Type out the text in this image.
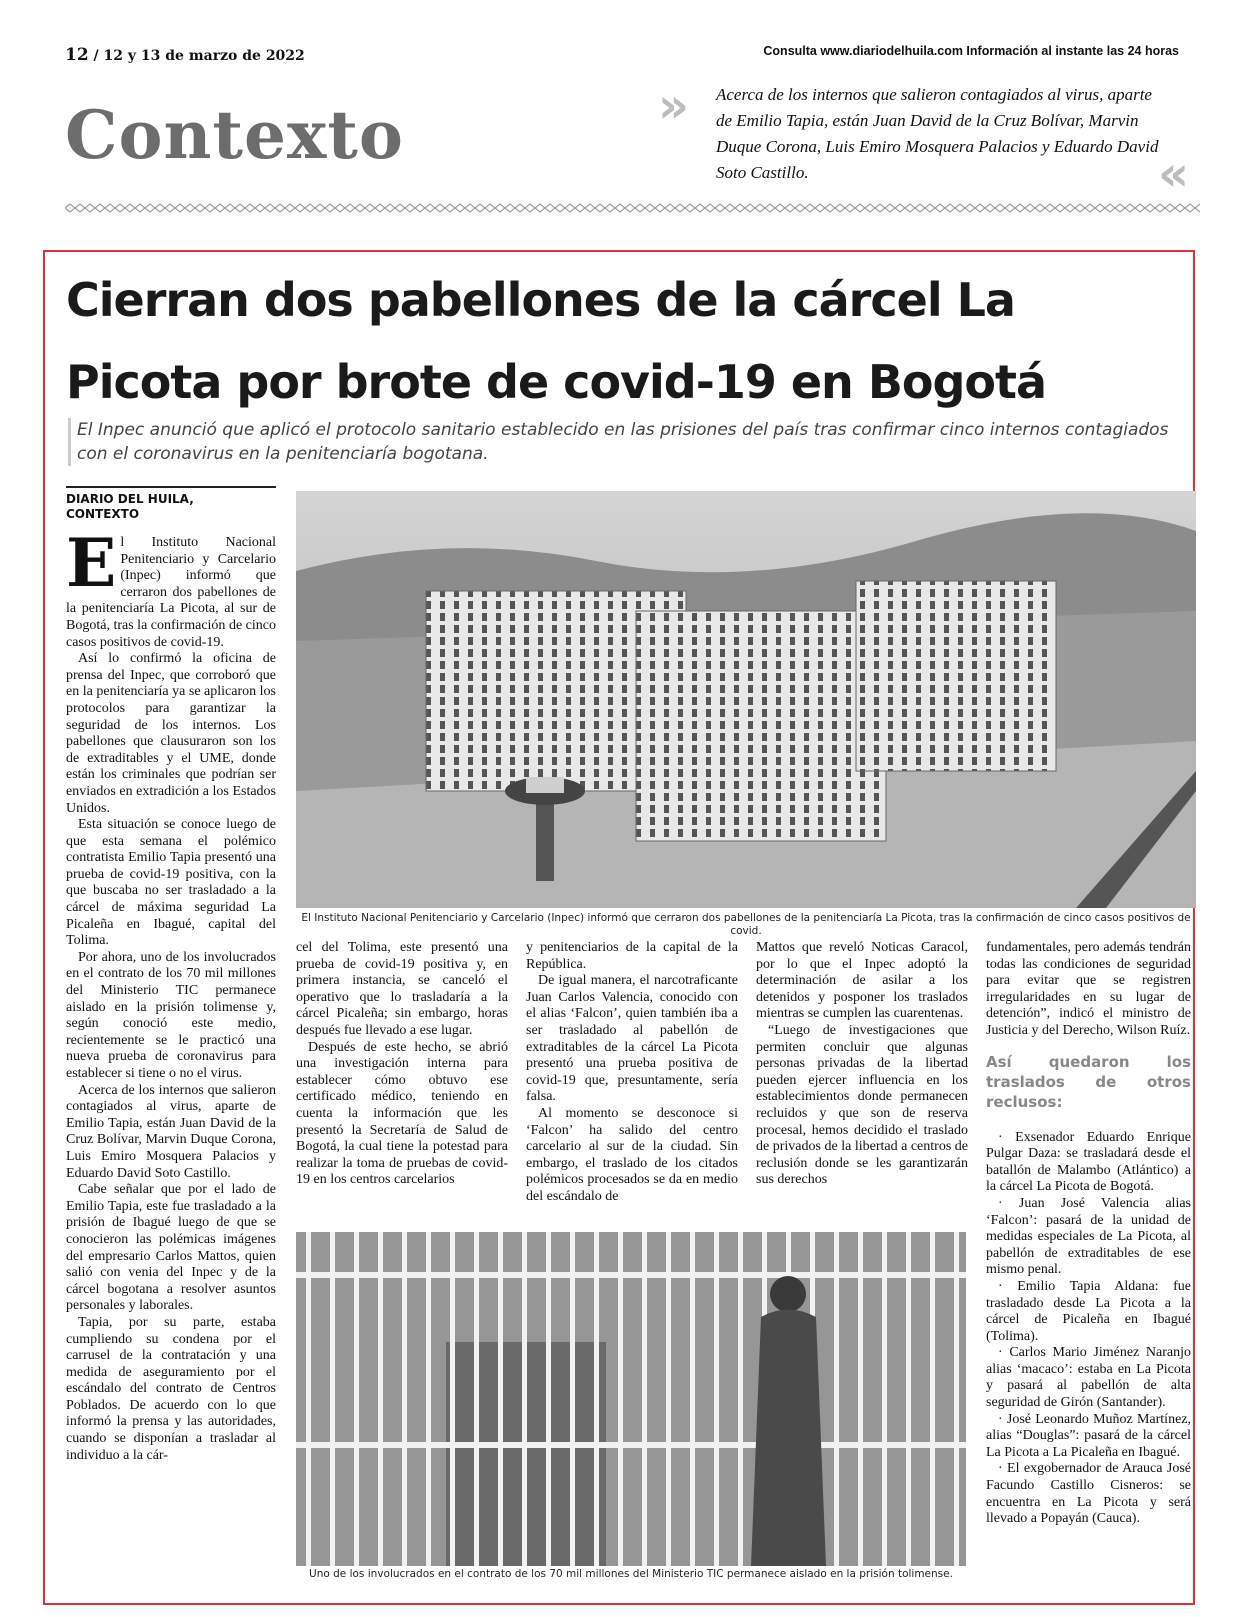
12 / 12 y 13 de marzo de 2022	Consulta www.diariodelhuila.com Información al instante las 24 horas
Contexto	» Acerca de los internos que salieron contagiados al virus, aparte de Emilio Tapia, están Juan David de la Cruz Bolívar, Marvin Duque Corona, Luis Emiro Mosquera Palacios y Eduardo David Soto Castillo.	«
Cierran dos pabellones de la cárcel La
Picota por brote de covid-19 en Bogotá
El Inpec anunció que aplicó el protocolo sanitario establecido en las prisiones del país tras confirmar cinco internos contagiados con el coronavirus en la penitenciaría bogotana.
DIARIO DEL HUILA,
CONTEXTO

El Instituto Nacional Penitenciario y Carcelario (Inpec) informó que cerraron dos pabellones de la penitenciaría La Picota, al sur de Bogotá, tras la confirmación de cinco casos positivos de covid-19.

Así lo confirmó la oficina de prensa del Inpec, que corroboró que en la penitenciaría ya se aplicaron los protocolos para garantizar la seguridad de los internos. Los pabellones que clausuraron son los de extraditables y el UME, donde están los criminales que podrían ser enviados en extradición a los Estados Unidos.

Esta situación se conoce luego de que esta semana el polémico contratista Emilio Tapia presentó una prueba de covid-19 positiva, con la que buscaba no ser trasladado a la cárcel de máxima seguridad La Picaleña en Ibagué, capital del Tolima.

Por ahora, uno de los involucrados en el contrato de los 70 mil millones del Ministerio TIC permanece aislado en la prisión tolimense y, según conoció este medio, recientemente se le practicó una nueva prueba de coronavirus para establecer si tiene o no el virus.

Acerca de los internos que salieron contagiados al virus, aparte de Emilio Tapia, están Juan David de la Cruz Bolívar, Marvin Duque Corona, Luis Emiro Mosquera Palacios y Eduardo David Soto Castillo.

Cabe señalar que por el lado de Emilio Tapia, este fue trasladado a la prisión de Ibagué luego de que se conocieron las polémicas imágenes del empresario Carlos Mattos, quien salió con venia del Inpec y de la cárcel bogotana a resolver asuntos personales y laborales.

Tapia, por su parte, estaba cumpliendo su condena por el carrusel de la contratación y una medida de aseguramiento por el escándalo del contrato de Centros Poblados. De acuerdo con lo que informó la prensa y las autoridades, cuando se disponían a trasladar al individuo a la cár-

El Instituto Nacional Penitenciario y Carcelario (Inpec) informó que cerraron dos pabellones de la penitenciaría La Picota, tras la confirmación de cinco casos positivos de covid.

cel del Tolima, este presentó una prueba de covid-19 positiva y, en primera instancia, se canceló el operativo que lo trasladaría a la cárcel Picaleña; sin embargo, horas después fue llevado a ese lugar.

Después de este hecho, se abrió una investigación interna para establecer cómo obtuvo ese certificado médico, teniendo en cuenta la información que les presentó la Secretaría de Salud de Bogotá, la cual tiene la potestad para realizar la toma de pruebas de covid-19 en los centros carcelarios

y penitenciarios de la capital de la República.

De igual manera, el narcotraficante Juan Carlos Valencia, conocido con el alias ‘Falcon’, quien también iba a ser trasladado al pabellón de extraditables de la cárcel La Picota presentó una prueba positiva de covid-19 que, presuntamente, sería falsa.

Al momento se desconoce si ‘Falcon’ ha salido del centro carcelario al sur de la ciudad. Sin embargo, el traslado de los citados polémicos procesados se da en medio del escándalo de

Mattos que reveló Noticas Caracol, por lo que el Inpec adoptó la determinación de asilar a los detenidos y posponer los traslados mientras se cumplen las cuarentenas.

“Luego de investigaciones que permiten concluir que algunas personas privadas de la libertad pueden ejercer influencia en los establecimientos donde permanecen recluidos y que son de reserva procesal, hemos decidido el traslado de privados de la libertad a centros de reclusión donde se les garantizarán sus derechos

fundamentales, pero además tendrán todas las condiciones de seguridad para evitar que se registren irregularidades en su lugar de detención”, indicó el ministro de Justicia y del Derecho, Wilson Ruíz.

Así quedaron los traslados de otros reclusos:

· Exsenador Eduardo Enrique Pulgar Daza: se trasladará desde el batallón de Malambo (Atlántico) a la cárcel La Picota de Bogotá.

· Juan José Valencia alias ‘Falcon’: pasará de la unidad de medidas especiales de La Picota, al pabellón de extraditables de ese mismo penal.

· Emilio Tapia Aldana: fue trasladado desde La Picota a la cárcel de Picaleña en Ibagué (Tolima).

· Carlos Mario Jiménez Naranjo alias ‘macaco’: estaba en La Picota y pasará al pabellón de alta seguridad de Girón (Santander).

· José Leonardo Muñoz Martínez, alias “Douglas”: pasará de la cárcel La Picota a La Picaleña en Ibagué.

· El exgobernador de Arauca José Facundo Castillo Cisneros: se encuentra en La Picota y será llevado a Popayán (Cauca).

Uno de los involucrados en el contrato de los 70 mil millones del Ministerio TIC permanece aislado en la prisión tolimense.
